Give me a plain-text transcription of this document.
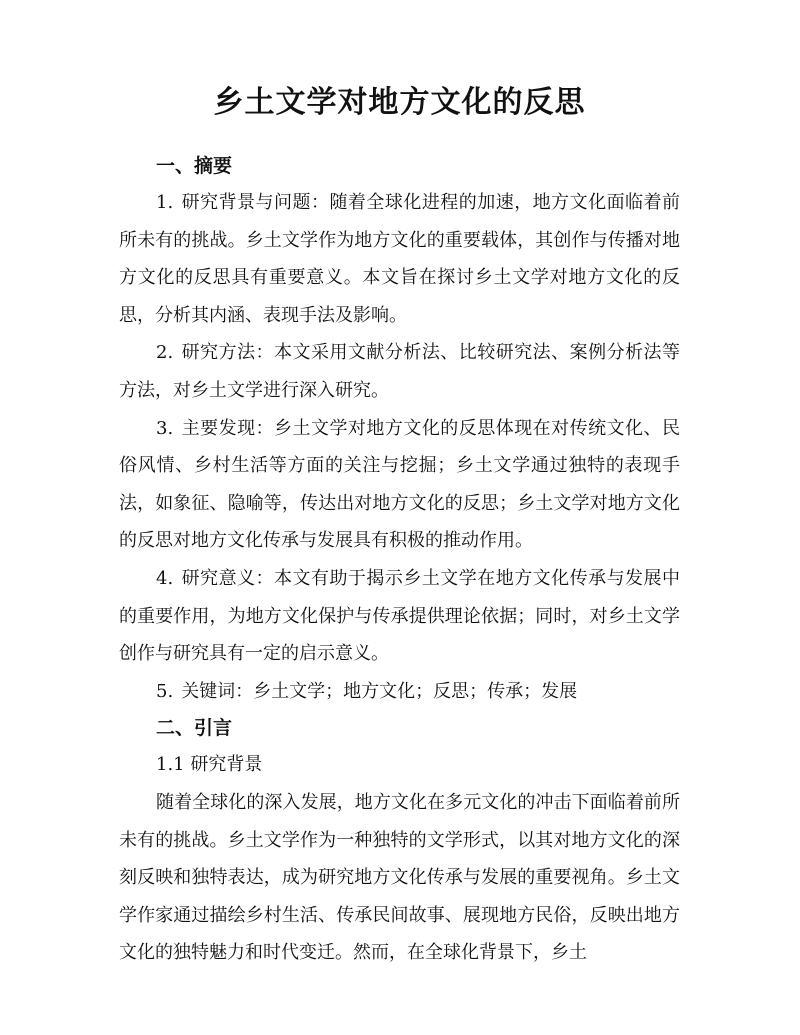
乡土文学对地方文化的反思
一、摘要

1. 研究背景与问题：随着全球化进程的加速，地方文化面临着前所未有的挑战。乡土文学作为地方文化的重要载体，其创作与传播对地方文化的反思具有重要意义。本文旨在探讨乡土文学对地方文化的反思，分析其内涵、表现手法及影响。

2. 研究方法：本文采用文献分析法、比较研究法、案例分析法等方法，对乡土文学进行深入研究。

3. 主要发现：乡土文学对地方文化的反思体现在对传统文化、民俗风情、乡村生活等方面的关注与挖掘；乡土文学通过独特的表现手法，如象征、隐喻等，传达出对地方文化的反思；乡土文学对地方文化的反思对地方文化传承与发展具有积极的推动作用。

4. 研究意义：本文有助于揭示乡土文学在地方文化传承与发展中的重要作用，为地方文化保护与传承提供理论依据；同时，对乡土文学创作与研究具有一定的启示意义。

5. 关键词：乡土文学；地方文化；反思；传承；发展

二、引言

1.1 研究背景

随着全球化的深入发展，地方文化在多元文化的冲击下面临着前所未有的挑战。乡土文学作为一种独特的文学形式，以其对地方文化的深刻反映和独特表达，成为研究地方文化传承与发展的重要视角。乡土文学作家通过描绘乡村生活、传承民间故事、展现地方民俗，反映出地方文化的独特魅力和时代变迁。然而，在全球化背景下，乡土
